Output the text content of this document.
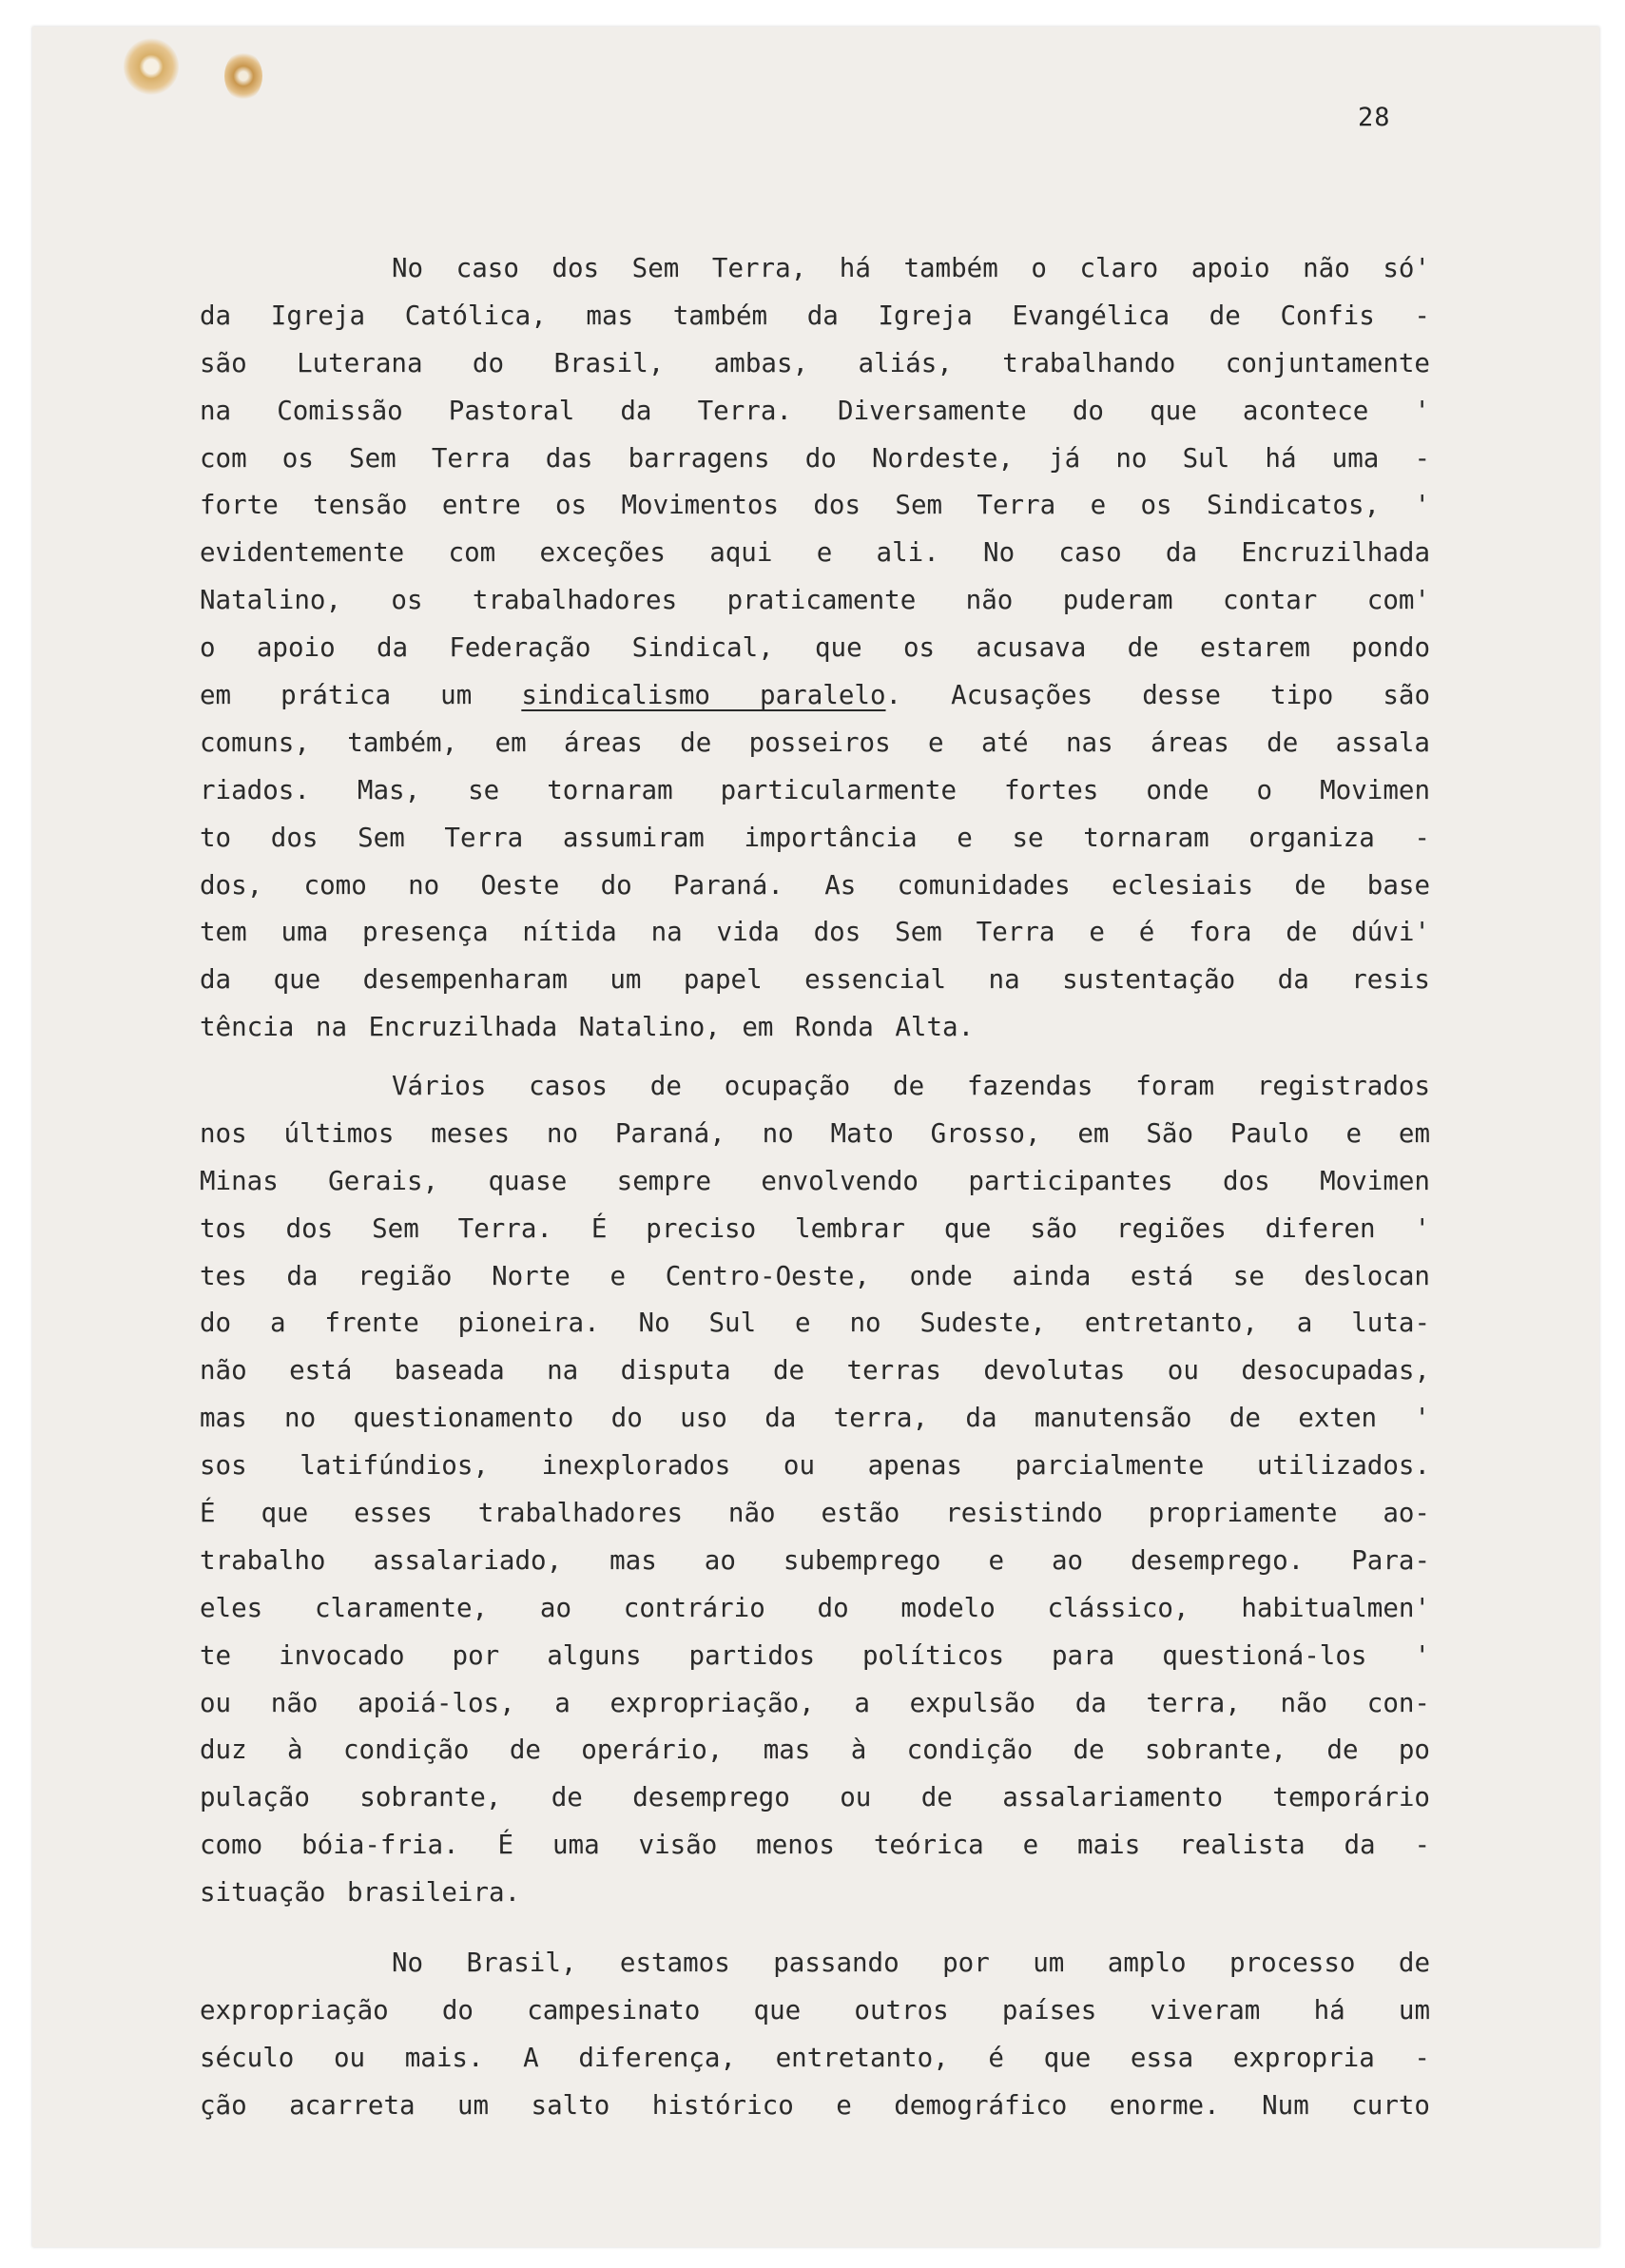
28
No caso dos Sem Terra, há também o claro apoio não só'
da Igreja Católica, mas também da Igreja Evangélica de Confis -
são Luterana do Brasil, ambas, aliás, trabalhando conjuntamente
na Comissão Pastoral da Terra. Diversamente do que acontece '
com os Sem Terra das barragens do Nordeste, já no Sul há uma -
forte tensão entre os Movimentos dos Sem Terra e os Sindicatos, '
evidentemente com exceções aqui e ali. No caso da Encruzilhada
Natalino, os trabalhadores praticamente não puderam contar com'
o apoio da Federação Sindical, que os acusava de estarem pondo
em prática um sindicalismo paralelo. Acusações desse tipo são
comuns, também, em áreas de posseiros e até nas áreas de assala
riados. Mas, se tornaram particularmente fortes onde o Movimen
to dos Sem Terra assumiram importância e se tornaram organiza -
dos, como no Oeste do Paraná. As comunidades eclesiais de base
tem uma presença nítida na vida dos Sem Terra e é fora de dúvi'
da que desempenharam um papel essencial na sustentação da resis
tência na Encruzilhada Natalino, em Ronda Alta.
Vários casos de ocupação de fazendas foram registrados
nos últimos meses no Paraná, no Mato Grosso, em São Paulo e em
Minas Gerais, quase sempre envolvendo participantes dos Movimen
tos dos Sem Terra. É preciso lembrar que são regiões diferen '
tes da região Norte e Centro-Oeste, onde ainda está se deslocan
do a frente pioneira. No Sul e no Sudeste, entretanto, a luta-
não está baseada na disputa de terras devolutas ou desocupadas,
mas no questionamento do uso da terra, da manutensão de exten '
sos latifúndios, inexplorados ou apenas parcialmente utilizados.
É que esses trabalhadores não estão resistindo propriamente ao-
trabalho assalariado, mas ao subemprego e ao desemprego. Para-
eles claramente, ao contrário do modelo clássico, habitualmen'
te invocado por alguns partidos políticos para questioná-los '
ou não apoiá-los, a expropriação, a expulsão da terra, não con-
duz à condição de operário, mas à condição de sobrante, de po
pulação sobrante, de desemprego ou de assalariamento temporário
como bóia-fria. É uma visão menos teórica e mais realista da -
situação brasileira.
No Brasil, estamos passando por um amplo processo de
expropriação do campesinato que outros países viveram há um
século ou mais. A diferença, entretanto, é que essa expropria -
ção acarreta um salto histórico e demográfico enorme. Num curto
